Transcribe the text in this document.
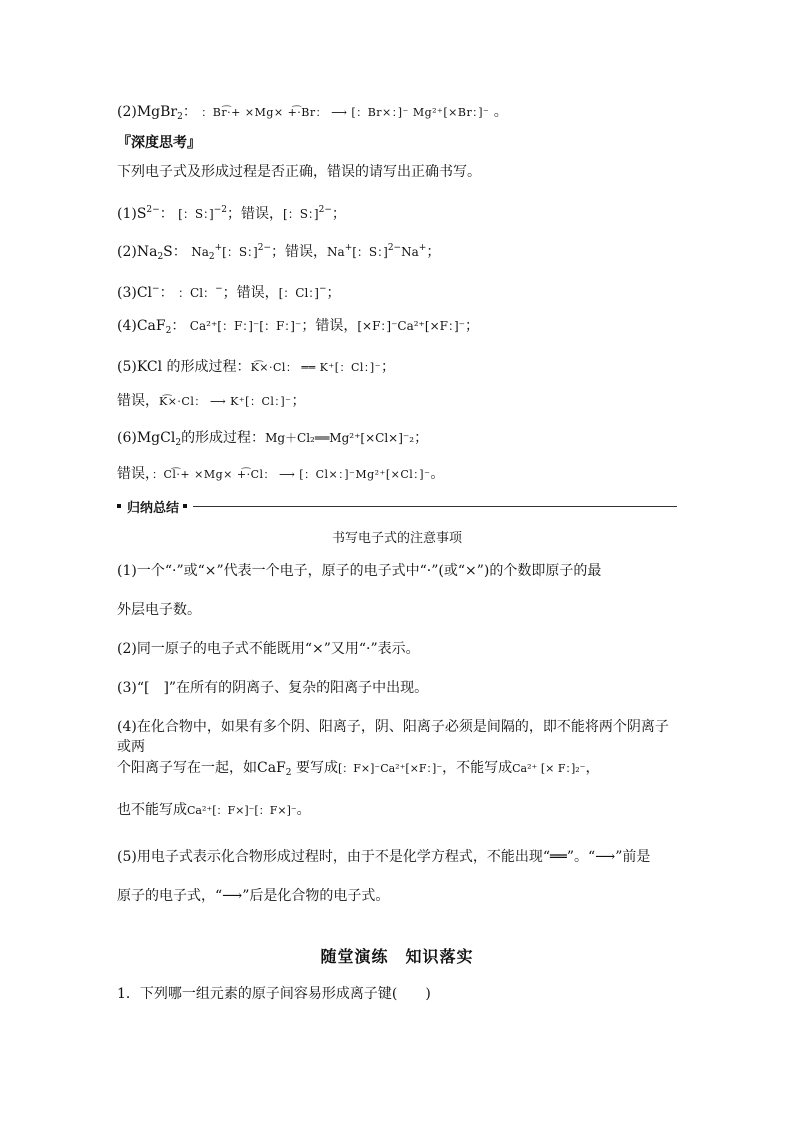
(2)MgBr$_2$： ：Br͡·+ ×Mg× +͡·Br： ⟶ [：Br×：]⁻ Mg²⁺[×Br：]⁻ 。
『深度思考』
下列电子式及形成过程是否正确，错误的请写出正确书写。
$(1)S^{2-}$： [：S：]$^{-2}$；错误，[：S：]$^{2-}$；
$(2)Na_2S$： $Na_2^+$[：S：]$^{2-}$；错误，Na+[：S：]$^{2-}$Na+；
(3)Cl−： ：Cl：−；错误，[：Cl：]−；
(4)CaF$_2$： Ca²⁺[：F：]⁻[：F：]⁻；错误，[×F：]⁻Ca²⁺[×F：]⁻；
(5)KCl 的形成过程：K͡×·Cl： ══ K⁺[：Cl：]⁻；
错误，K͡×·Cl： ⟶ K⁺[：Cl：]⁻；
(6)MgCl$_2$的形成过程：Mg＋Cl₂══Mg²⁺[×Cl×]⁻₂；
错误，：Cl͡·+ ×Mg× +͡·Cl： ⟶ [：Cl×：]⁻Mg²⁺[×Cl：]⁻。
归纳总结
书写电子式的注意事项
(1)一个“·”或“×”代表一个电子，原子的电子式中“·”(或“×”)的个数即原子的最
外层电子数。
(2)同一原子的电子式不能既用“×”又用“·”表示。
(3)“[　]”在所有的阴离子、复杂的阳离子中出现。
(4)在化合物中，如果有多个阴、阳离子，阴、阳离子必须是间隔的，即不能将两个阴离子或两
个阳离子写在一起，如CaF$_2$ 要写成[：F×]⁻Ca²⁺[×F：]⁻，不能写成Ca²⁺ [× F：]₂⁻，
也不能写成Ca²⁺[：F×]⁻[：F×]⁻。
(5)用电子式表示化合物形成过程时，由于不是化学方程式，不能出现“══”。“⟶”前是
原子的电子式，“⟶”后是化合物的电子式。
随堂演练　知识落实
1．下列哪一组元素的原子间容易形成离子键(　　)
